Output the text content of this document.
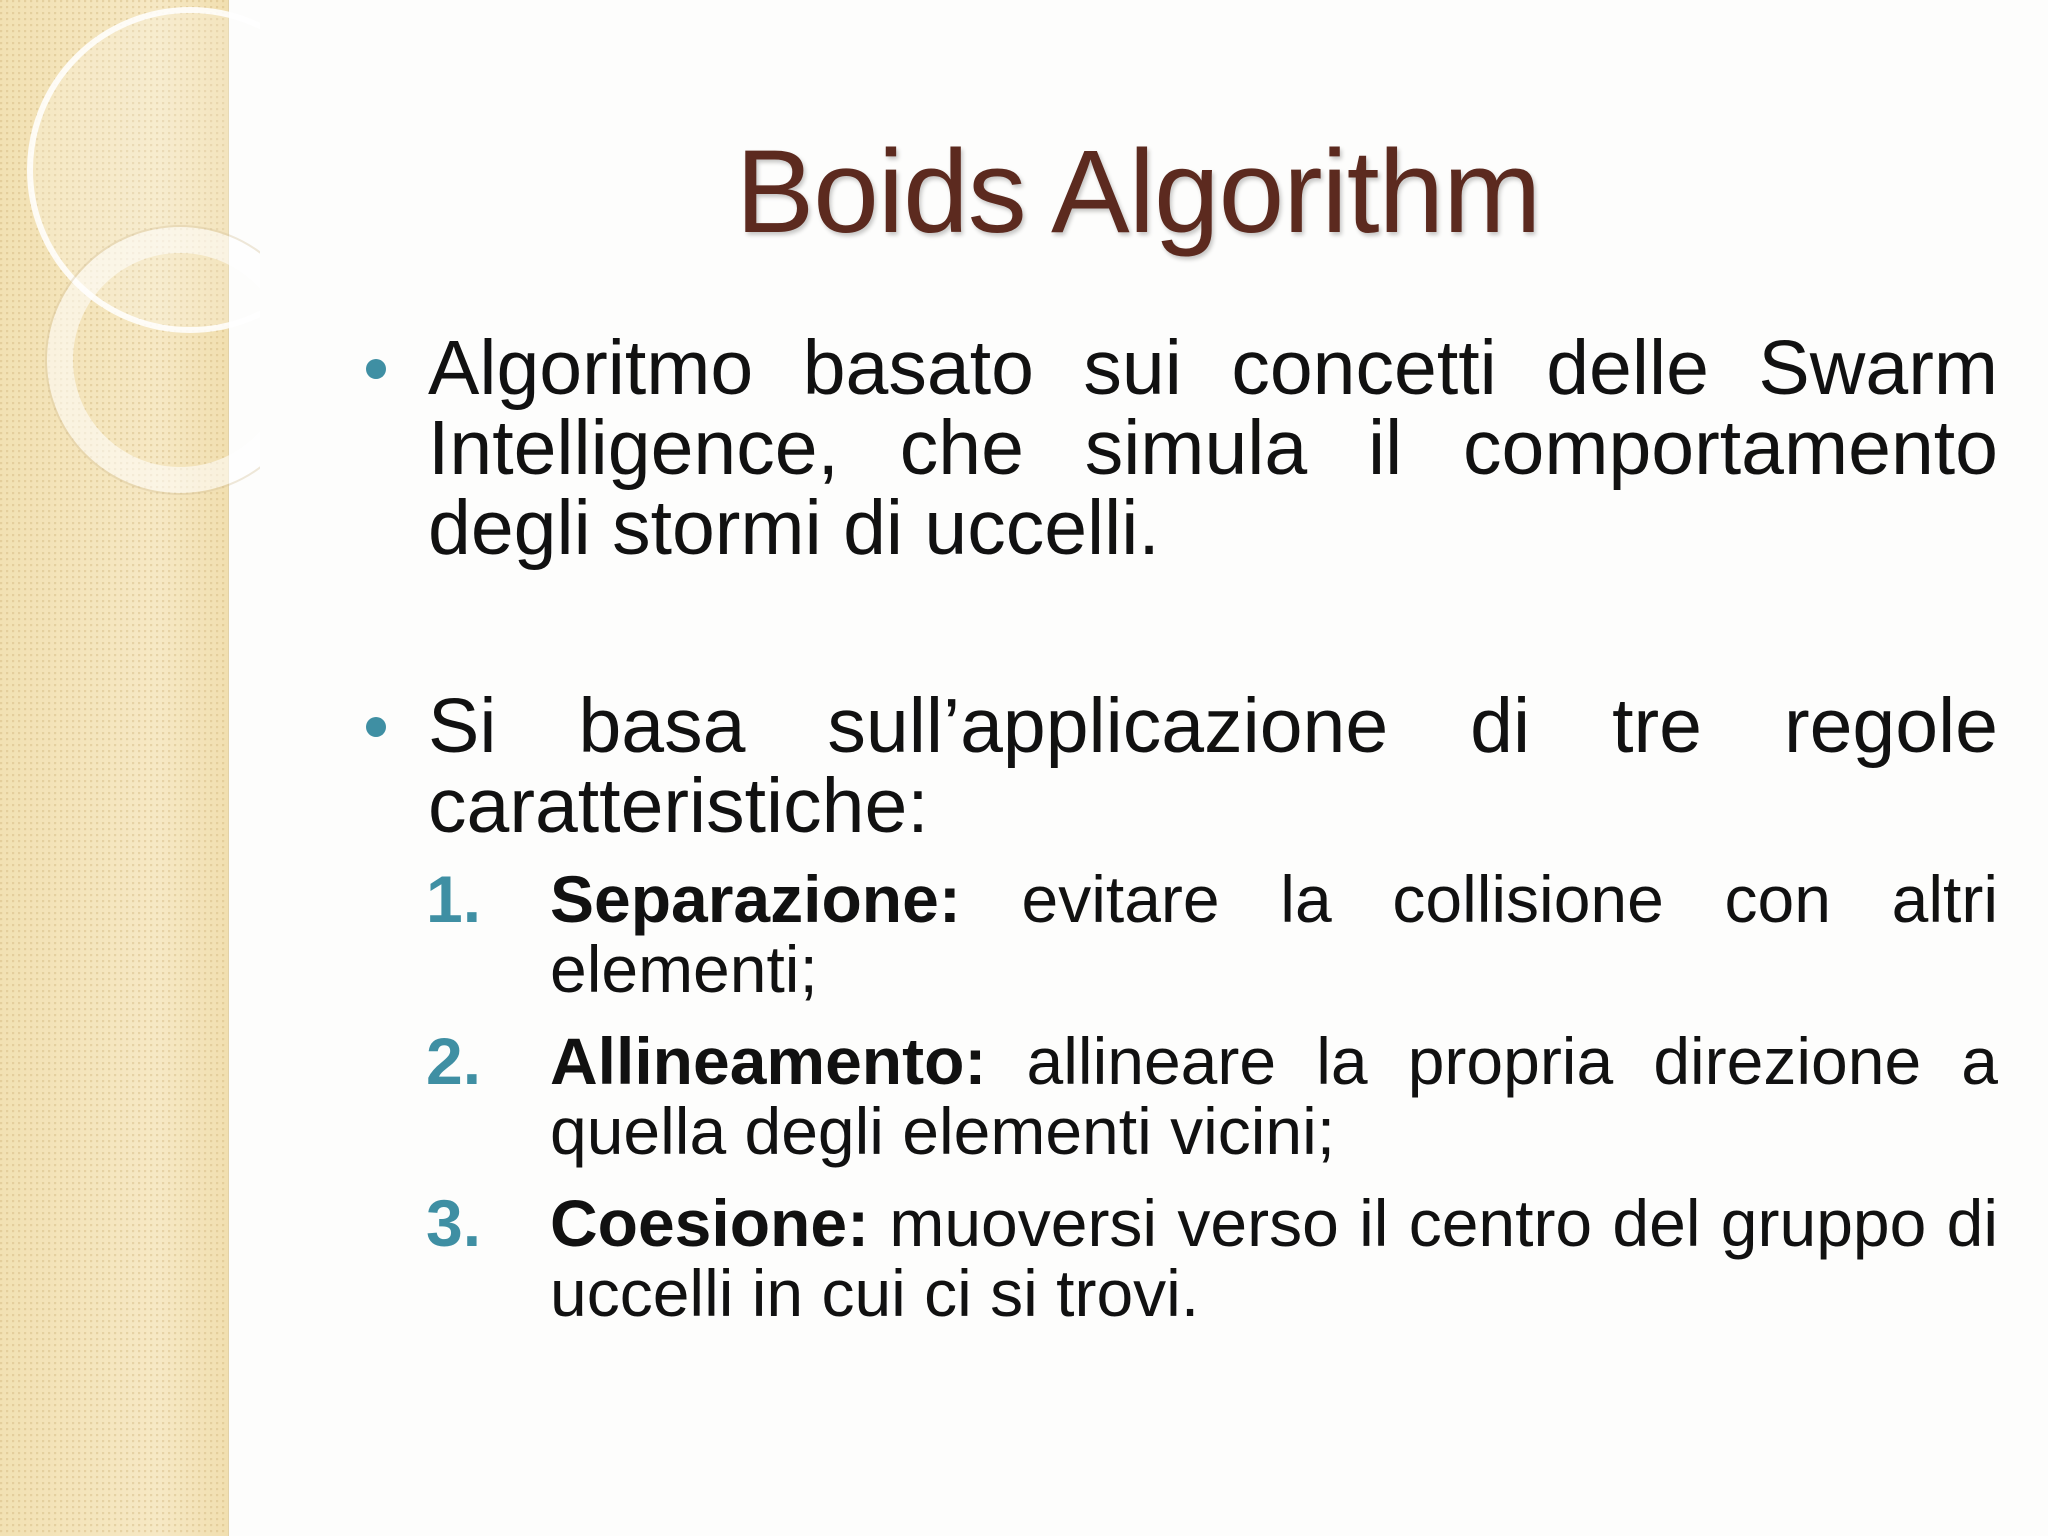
Boids Algorithm
Algoritmo basato sui concetti delle Swarm Intelligence, che simula il comportamento degli stormi di uccelli.
Si basa sull’applicazione di tre regole caratteristiche:
1. Separazione: evitare la collisione con altri elementi;
2. Allineamento: allineare la propria direzione a quella degli elementi vicini;
3. Coesione: muoversi verso il centro del gruppo di uccelli in cui ci si trovi.
